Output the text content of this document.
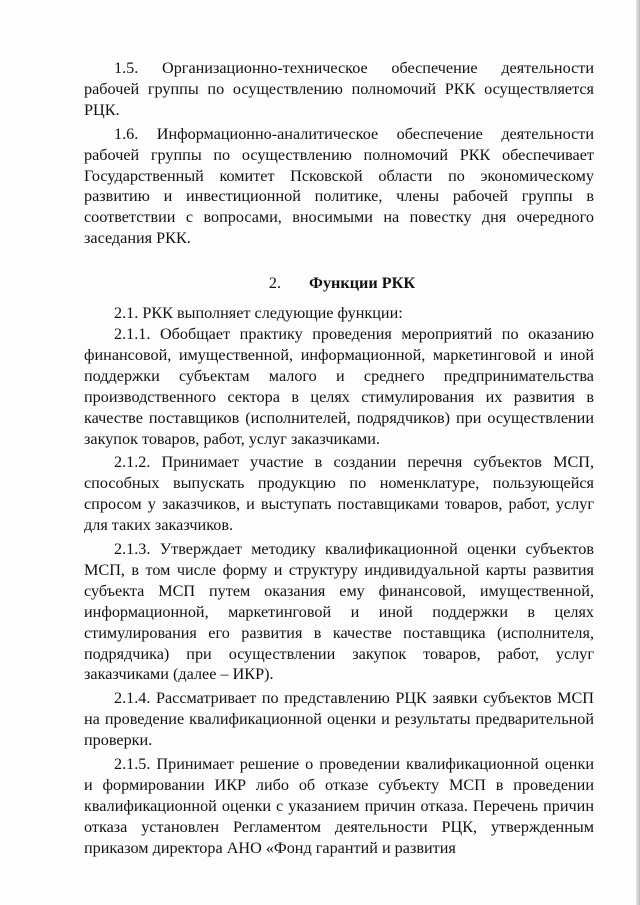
1.5. Организационно-техническое обеспечение деятельности рабочей группы по осуществлению полномочий РКК осуществляется РЦК.

1.6. Информационно-аналитическое обеспечение деятельности рабочей группы по осуществлению полномочий РКК обеспечивает Государственный комитет Псковской области по экономическому развитию и инвестиционной политике, члены рабочей группы в соответствии с вопросами, вносимыми на повестку дня очередного заседания РКК.

2. Функции РКК

2.1. РКК выполняет следующие функции:

2.1.1. Обобщает практику проведения мероприятий по оказанию финансовой, имущественной, информационной, маркетинговой и иной поддержки субъектам малого и среднего предпринимательства производственного сектора в целях стимулирования их развития в качестве поставщиков (исполнителей, подрядчиков) при осуществлении закупок товаров, работ, услуг заказчиками.

2.1.2. Принимает участие в создании перечня субъектов МСП, способных выпускать продукцию по номенклатуре, пользующейся спросом у заказчиков, и выступать поставщиками товаров, работ, услуг для таких заказчиков.

2.1.3. Утверждает методику квалификационной оценки субъектов МСП, в том числе форму и структуру индивидуальной карты развития субъекта МСП путем оказания ему финансовой, имущественной, информационной, маркетинговой и иной поддержки в целях стимулирования его развития в качестве поставщика (исполнителя, подрядчика) при осуществлении закупок товаров, работ, услуг заказчиками (далее – ИКР).

2.1.4. Рассматривает по представлению РЦК заявки субъектов МСП на проведение квалификационной оценки и результаты предварительной проверки.

2.1.5. Принимает решение о проведении квалификационной оценки и формировании ИКР либо об отказе субъекту МСП в проведении квалификационной оценки с указанием причин отказа. Перечень причин отказа установлен Регламентом деятельности РЦК, утвержденным приказом директора АНО «Фонд гарантий и развития
